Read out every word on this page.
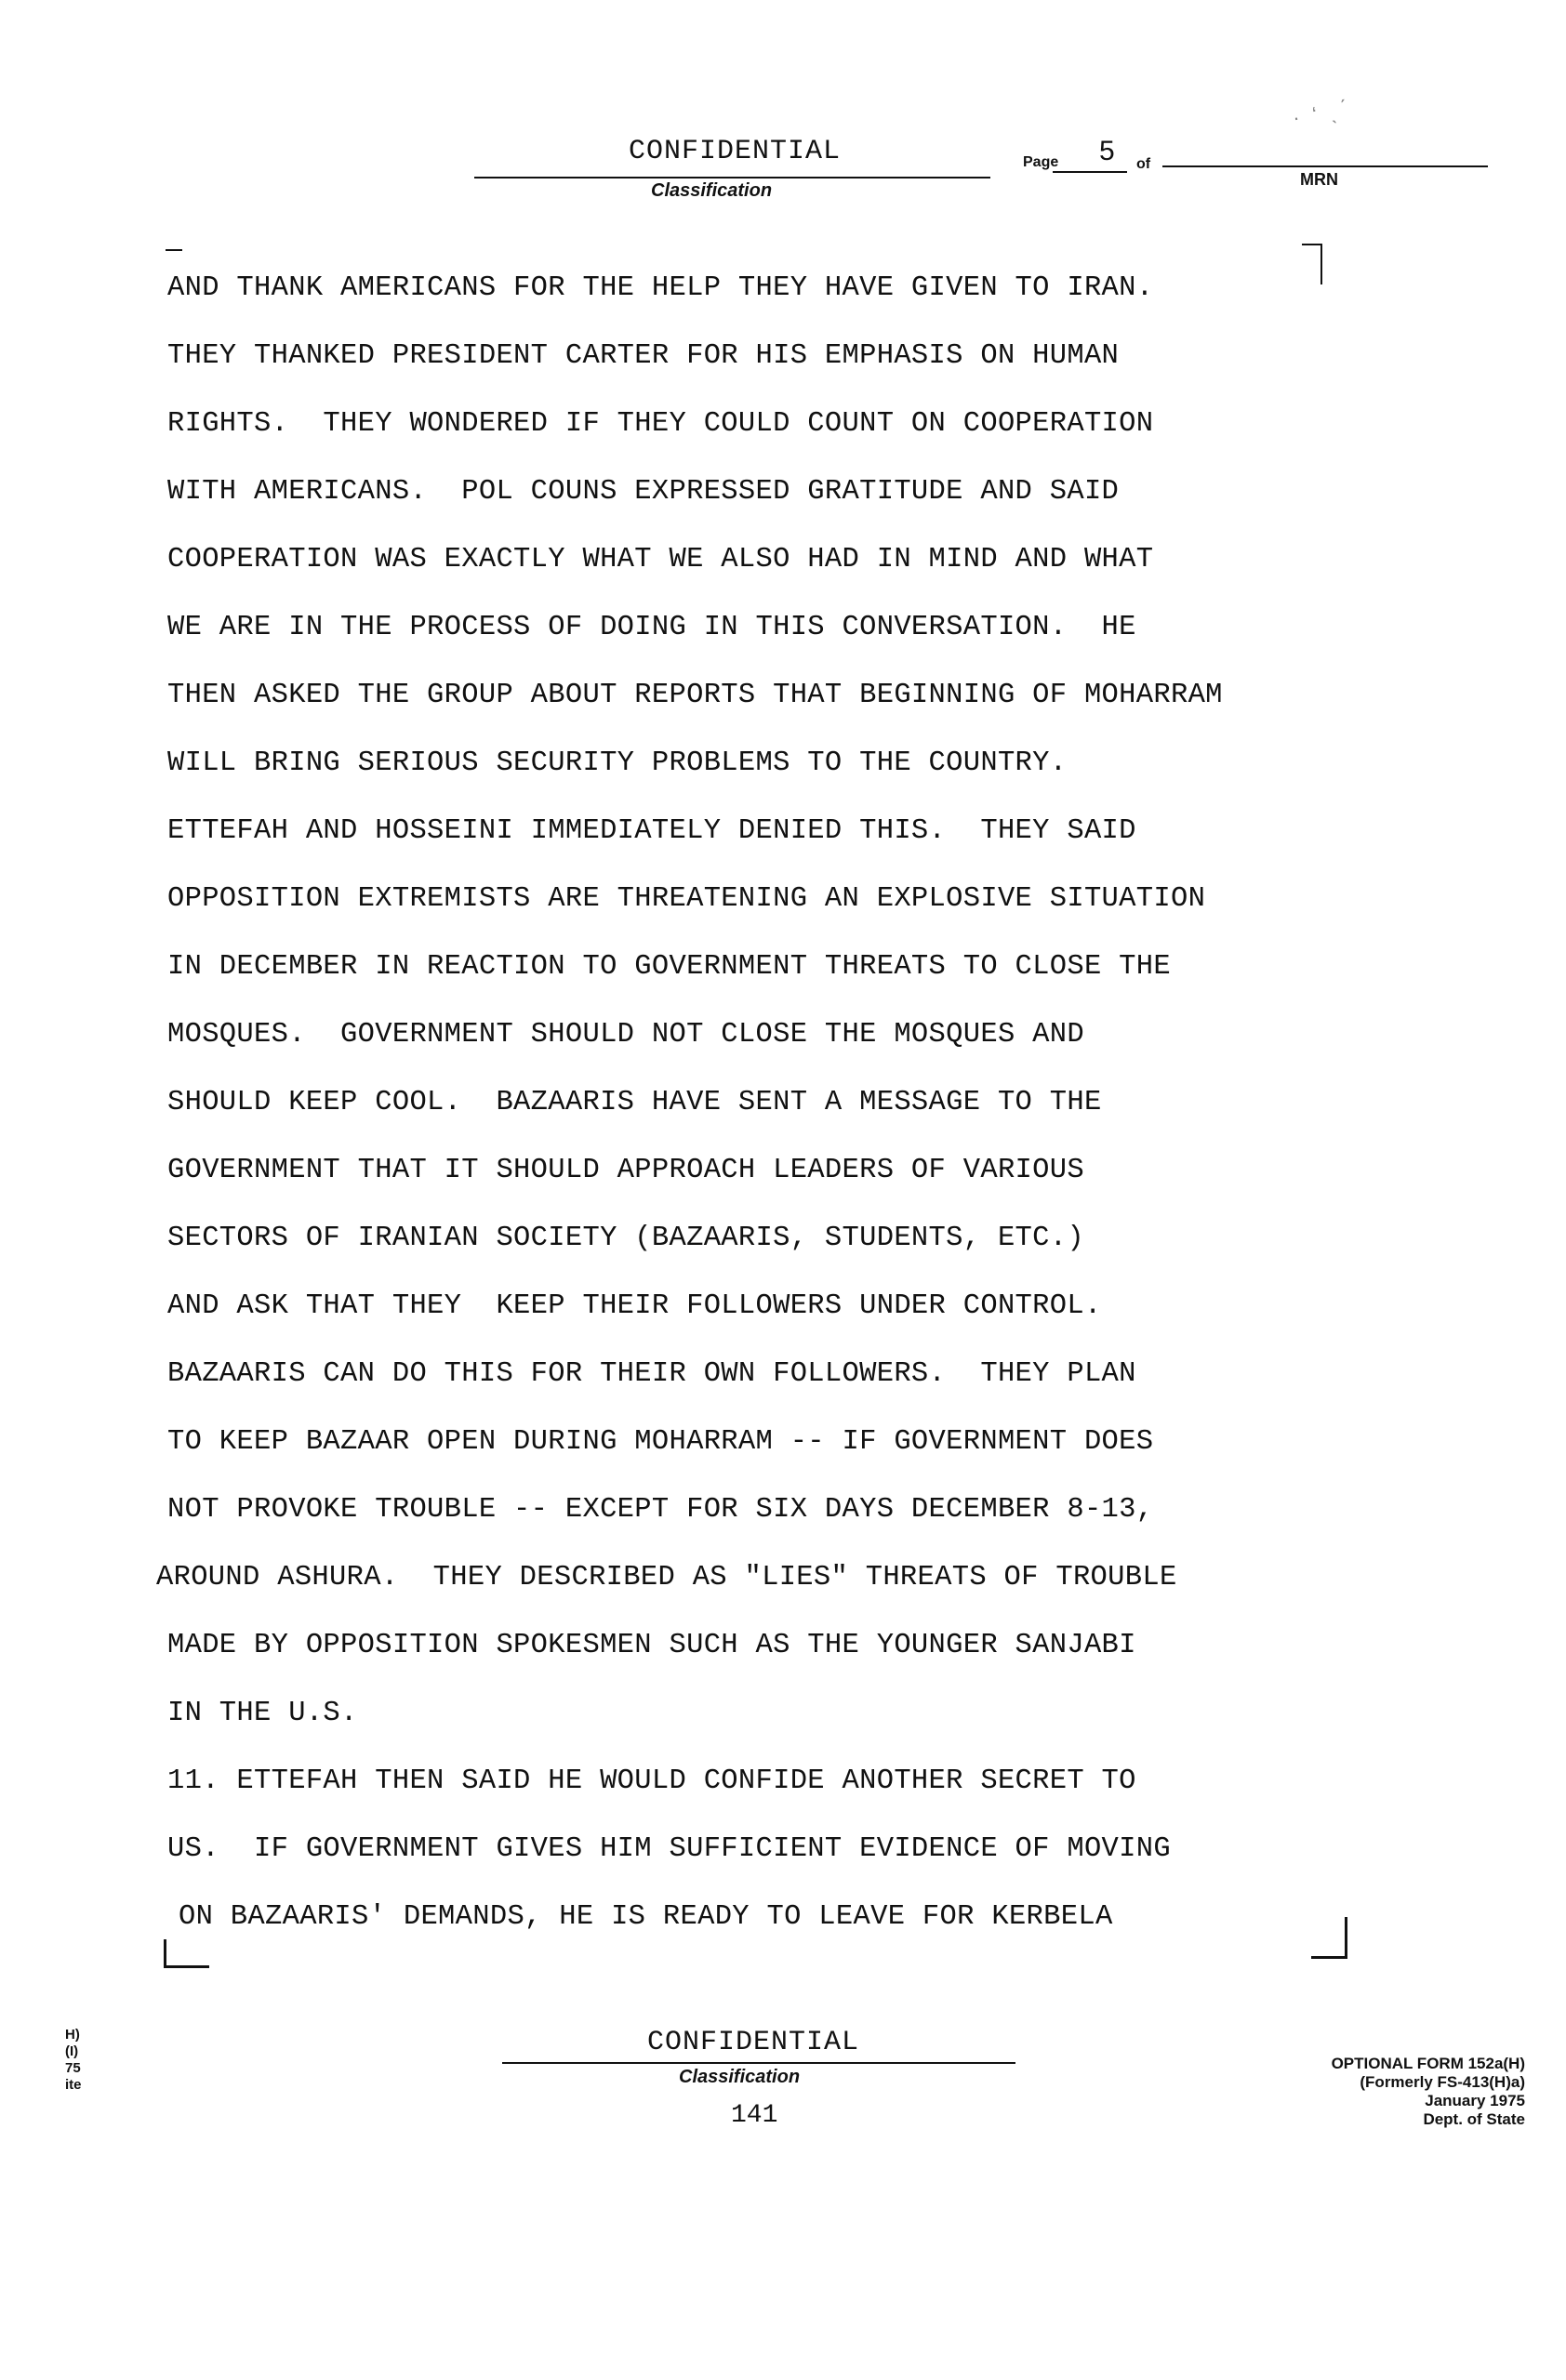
· ʻ ˎ ́
CONFIDENTIAL
Classification
Page 5 of
MRN
AND THANK AMERICANS FOR THE HELP THEY HAVE GIVEN TO IRAN.
THEY THANKED PRESIDENT CARTER FOR HIS EMPHASIS ON HUMAN
RIGHTS.  THEY WONDERED IF THEY COULD COUNT ON COOPERATION
WITH AMERICANS.  POL COUNS EXPRESSED GRATITUDE AND SAID
COOPERATION WAS EXACTLY WHAT WE ALSO HAD IN MIND AND WHAT
WE ARE IN THE PROCESS OF DOING IN THIS CONVERSATION.  HE
THEN ASKED THE GROUP ABOUT REPORTS THAT BEGINNING OF MOHARRAM
WILL BRING SERIOUS SECURITY PROBLEMS TO THE COUNTRY.
ETTEFAH AND HOSSEINI IMMEDIATELY DENIED THIS.  THEY SAID
OPPOSITION EXTREMISTS ARE THREATENING AN EXPLOSIVE SITUATION
IN DECEMBER IN REACTION TO GOVERNMENT THREATS TO CLOSE THE
MOSQUES.  GOVERNMENT SHOULD NOT CLOSE THE MOSQUES AND
SHOULD KEEP COOL.  BAZAARIS HAVE SENT A MESSAGE TO THE
GOVERNMENT THAT IT SHOULD APPROACH LEADERS OF VARIOUS
SECTORS OF IRANIAN SOCIETY (BAZAARIS, STUDENTS, ETC.)
AND ASK THAT THEY  KEEP THEIR FOLLOWERS UNDER CONTROL.
BAZAARIS CAN DO THIS FOR THEIR OWN FOLLOWERS.  THEY PLAN
TO KEEP BAZAAR OPEN DURING MOHARRAM -- IF GOVERNMENT DOES
NOT PROVOKE TROUBLE -- EXCEPT FOR SIX DAYS DECEMBER 8-13,
AROUND ASHURA.  THEY DESCRIBED AS "LIES" THREATS OF TROUBLE
MADE BY OPPOSITION SPOKESMEN SUCH AS THE YOUNGER SANJABI
IN THE U.S.
11. ETTEFAH THEN SAID HE WOULD CONFIDE ANOTHER SECRET TO
US.  IF GOVERNMENT GIVES HIM SUFFICIENT EVIDENCE OF MOVING
ON BAZAARIS' DEMANDS, HE IS READY TO LEAVE FOR KERBELA
H)
(I)
75
ite
CONFIDENTIAL
Classification
141
OPTIONAL FORM 152a(H)
(Formerly FS-413(H)a)
January 1975
Dept. of State
